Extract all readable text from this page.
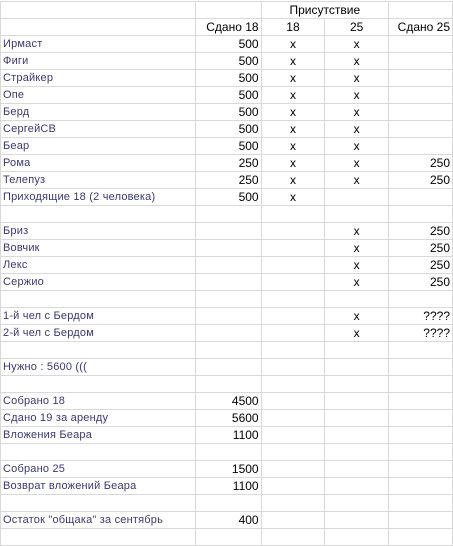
		Присутствие		
	Сдано 18	18	25	Сдано 25
Ирмаст	500	x	x	
Фиги	500	x	x	
Страйкер	500	x	x	
Опе	500	x	x	
Берд	500	x	x	
СергейСВ	500	x	x	
Беар	500	x	x	
Рома	250	x	x	250
Телепуз	250	x	x	250
Приходящие 18 (2 человека)	500	x		

Бриз			x	250
Вовчик			x	250
Лекс			x	250
Сержио			x	250

1-й чел с Бердом			x	????
2-й чел с Бердом			x	????

Нужно : 5600 (((				

Собрано 18	4500			
Сдано 19 за аренду	5600			
Вложения Беара	1100			

Собрано 25	1500			
Возврат вложений Беара	1100			

Остаток "общака" за сентябрь	400			
